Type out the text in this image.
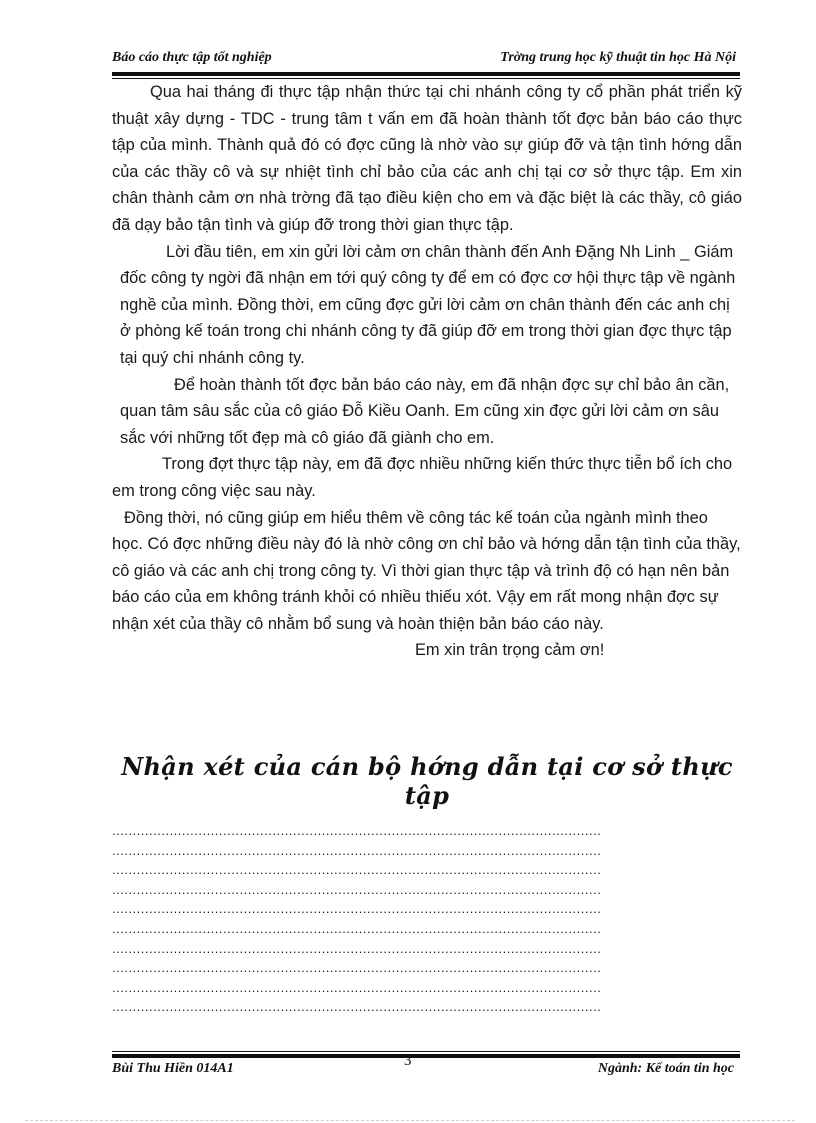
Báo cáo thực tập tốt nghiệp	Trờng trung học kỹ thuật tin học Hà Nội

Qua hai tháng đi thực tập nhận thức tại chi nhánh công ty cổ phần phát triển kỹ thuật xây dựng - TDC - trung tâm t vấn em đã hoàn thành tốt đợc bản báo cáo thực tập của mình. Thành quả đó có đợc cũng là nhờ vào sự giúp đỡ và tận tình hớng dẫn của các thầy cô và sự nhiệt tình chỉ bảo của các anh chị tại cơ sở thực tập. Em xin chân thành cảm ơn nhà trờng đã tạo điều kiện cho em và đặc biệt là các thầy, cô giáo đã dạy bảo tận tình và giúp đỡ trong thời gian thực tập.

Lời đầu tiên, em xin gửi lời cảm ơn chân thành đến Anh Đặng Nh Linh _ Giám đốc công ty ngời đã nhận em tới quý công ty để em có đợc cơ hội thực tập về ngành nghề của mình. Đồng thời, em cũng đợc gửi lời cảm ơn chân thành đến các anh chị ở phòng kế toán trong chi nhánh công ty đã giúp đỡ em trong thời gian đợc thực tập tại quý chi nhánh công ty.

Để hoàn thành tốt đợc bản báo cáo này, em đã nhận đợc sự chỉ bảo ân cần, quan tâm sâu sắc của cô giáo Đỗ Kiều Oanh. Em cũng xin đợc gửi lời cảm ơn sâu sắc với những tốt đẹp mà cô giáo đã giành cho em.

Trong đợt thực tập này, em đã đợc nhiều những kiến thức thực tiễn bổ ích cho em trong công việc sau này.

Đồng thời, nó cũng giúp em hiểu thêm về công tác kế toán của ngành mình theo học. Có đợc những điều này đó là nhờ công ơn chỉ bảo và hớng dẫn tận tình của thầy, cô giáo và các anh chị trong công ty. Vì thời gian thực tập và trình độ có hạn nên bản báo cáo của em không tránh khỏi có nhiều thiếu xót. Vậy em rất mong nhận đợc sự nhận xét của thầy cô nhằm bổ sung và hoàn thiện bản báo cáo này.

Em xin trân trọng cảm ơn!

Nhận xét của cán bộ hớng dẫn tại cơ sở thực tập
.......................................................................................................................
.......................................................................................................................
.......................................................................................................................
.......................................................................................................................
.......................................................................................................................
.......................................................................................................................
.......................................................................................................................
.......................................................................................................................
.......................................................................................................................
.......................................................................................................................
Bùi Thu Hiền 014A1	3	Ngành: Kế toán tin học
